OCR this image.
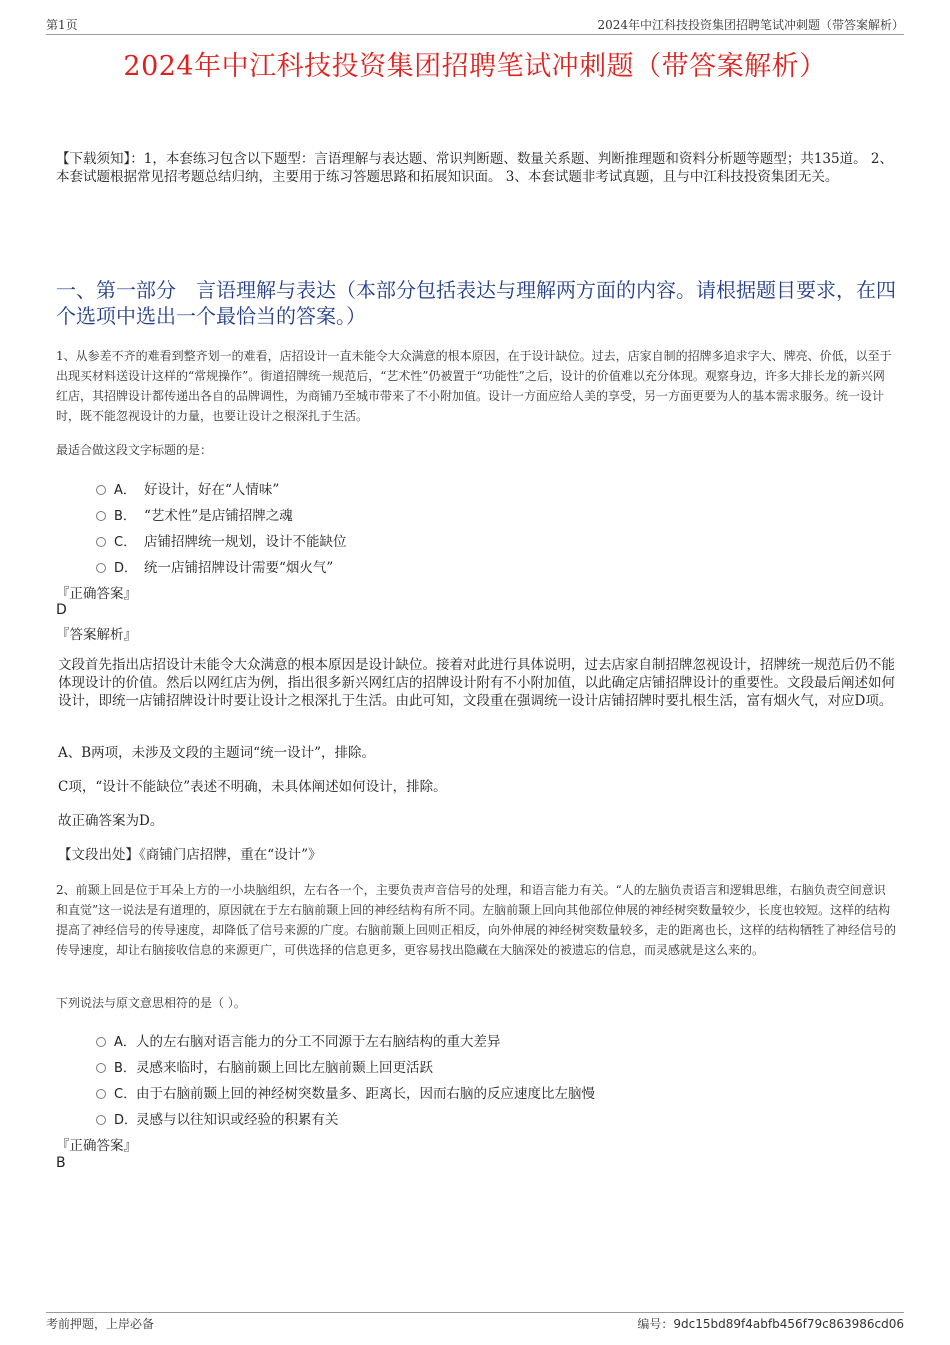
第1页	2024年中江科技投资集团招聘笔试冲刺题（带答案解析）
2024年中江科技投资集团招聘笔试冲刺题（带答案解析）
【下载须知】：1，本套练习包含以下题型：言语理解与表达题、常识判断题、数量关系题、判断推理题和资料分析题等题型；共135道。 2、本套试题根据常见招考题总结归纳，主要用于练习答题思路和拓展知识面。 3、本套试题非考试真题，且与中江科技投资集团无关。
一、第一部分　言语理解与表达（本部分包括表达与理解两方面的内容。请根据题目要求，在四个选项中选出一个最恰当的答案。）
1、从参差不齐的难看到整齐划一的难看，店招设计一直未能令大众满意的根本原因，在于设计缺位。过去，店家自制的招牌多追求字大、牌亮、价低，以至于出现买材料送设计这样的“常规操作”。街道招牌统一规范后，“艺术性”仍被置于“功能性”之后，设计的价值难以充分体现。观察身边，许多大排长龙的新兴网红店，其招牌设计都传递出各自的品牌调性，为商铺乃至城市带来了不小附加值。设计一方面应给人美的享受，另一方面更要为人的基本需求服务。统一设计时，既不能忽视设计的力量，也要让设计之根深扎于生活。
最适合做这段文字标题的是：
A． 好设计，好在“人情味”
B． “艺术性”是店铺招牌之魂
C． 店铺招牌统一规划，设计不能缺位
D． 统一店铺招牌设计需要“烟火气”
『正确答案』
D
『答案解析』
文段首先指出店招设计未能令大众满意的根本原因是设计缺位。接着对此进行具体说明，过去店家自制招牌忽视设计，招牌统一规范后仍不能体现设计的价值。然后以网红店为例，指出很多新兴网红店的招牌设计附有不小附加值，以此确定店铺招牌设计的重要性。文段最后阐述如何设计，即统一店铺招牌设计时要让设计之根深扎于生活。由此可知，文段重在强调统一设计店铺招牌时要扎根生活，富有烟火气，对应D项。
A、B两项，未涉及文段的主题词“统一设计”，排除。
C项，“设计不能缺位”表述不明确，未具体阐述如何设计，排除。
故正确答案为D。
【文段出处】《商铺门店招牌，重在“设计”》
2、前颞上回是位于耳朵上方的一小块脑组织，左右各一个，主要负责声音信号的处理，和语言能力有关。“人的左脑负责语言和逻辑思维，右脑负责空间意识和直觉”这一说法是有道理的，原因就在于左右脑前颞上回的神经结构有所不同。左脑前颞上回向其他部位伸展的神经树突数量较少，长度也较短。这样的结构提高了神经信号的传导速度，却降低了信号来源的广度。右脑前颞上回则正相反，向外伸展的神经树突数量较多，走的距离也长，这样的结构牺牲了神经信号的传导速度，却让右脑接收信息的来源更广，可供选择的信息更多，更容易找出隐藏在大脑深处的被遗忘的信息，而灵感就是这么来的。
下列说法与原文意思相符的是（ ）。
A．人的左右脑对语言能力的分工不同源于左右脑结构的重大差异
B．灵感来临时，右脑前颞上回比左脑前颞上回更活跃
C．由于右脑前颞上回的神经树突数量多、距离长，因而右脑的反应速度比左脑慢
D．灵感与以往知识或经验的积累有关
『正确答案』
B
考前押题，上岸必备	编号：9dc15bd89f4abfb456f79c863986cd06
